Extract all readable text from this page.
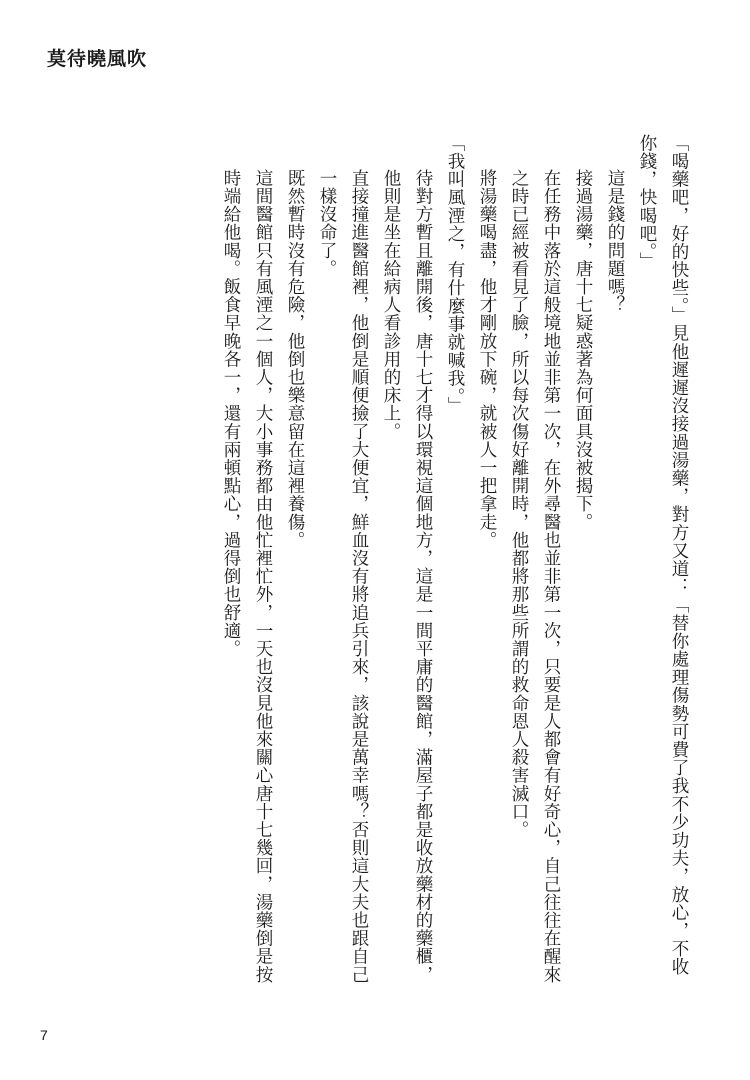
莫待曉風吹

「喝藥吧，好的快些。」見他遲遲沒接過湯藥，對方又道：「替你處理傷勢可費了我不少功夫，放心，不收你錢，快喝吧。」

這是錢的問題嗎？

接過湯藥，唐十七疑惑著為何面具沒被揭下。

在任務中落於這般境地並非第一次，在外尋醫也並非第一次，只要是人都會有好奇心，自己往往在醒來之時已經被看見了臉，所以每次傷好離開時，他都將那些所謂的救命恩人殺害滅口。

將湯藥喝盡，他才剛放下碗，就被人一把拿走。

「我叫風湮之，有什麼事就喊我。」

待對方暫且離開後，唐十七才得以環視這個地方，這是一間平庸的醫館，滿屋子都是收放藥材的藥櫃，他則是坐在給病人看診用的床上。

直接撞進醫館裡，他倒是順便撿了大便宜，鮮血沒有將追兵引來，該說是萬幸嗎？否則這大夫也跟自己一樣沒命了。

既然暫時沒有危險，他倒也樂意留在這裡養傷。

這間醫館只有風湮之一個人，大小事務都由他忙裡忙外，一天也沒見他來關心唐十七幾回，湯藥倒是按時端給他喝。飯食早晚各一，還有兩頓點心，過得倒也舒適。

7
